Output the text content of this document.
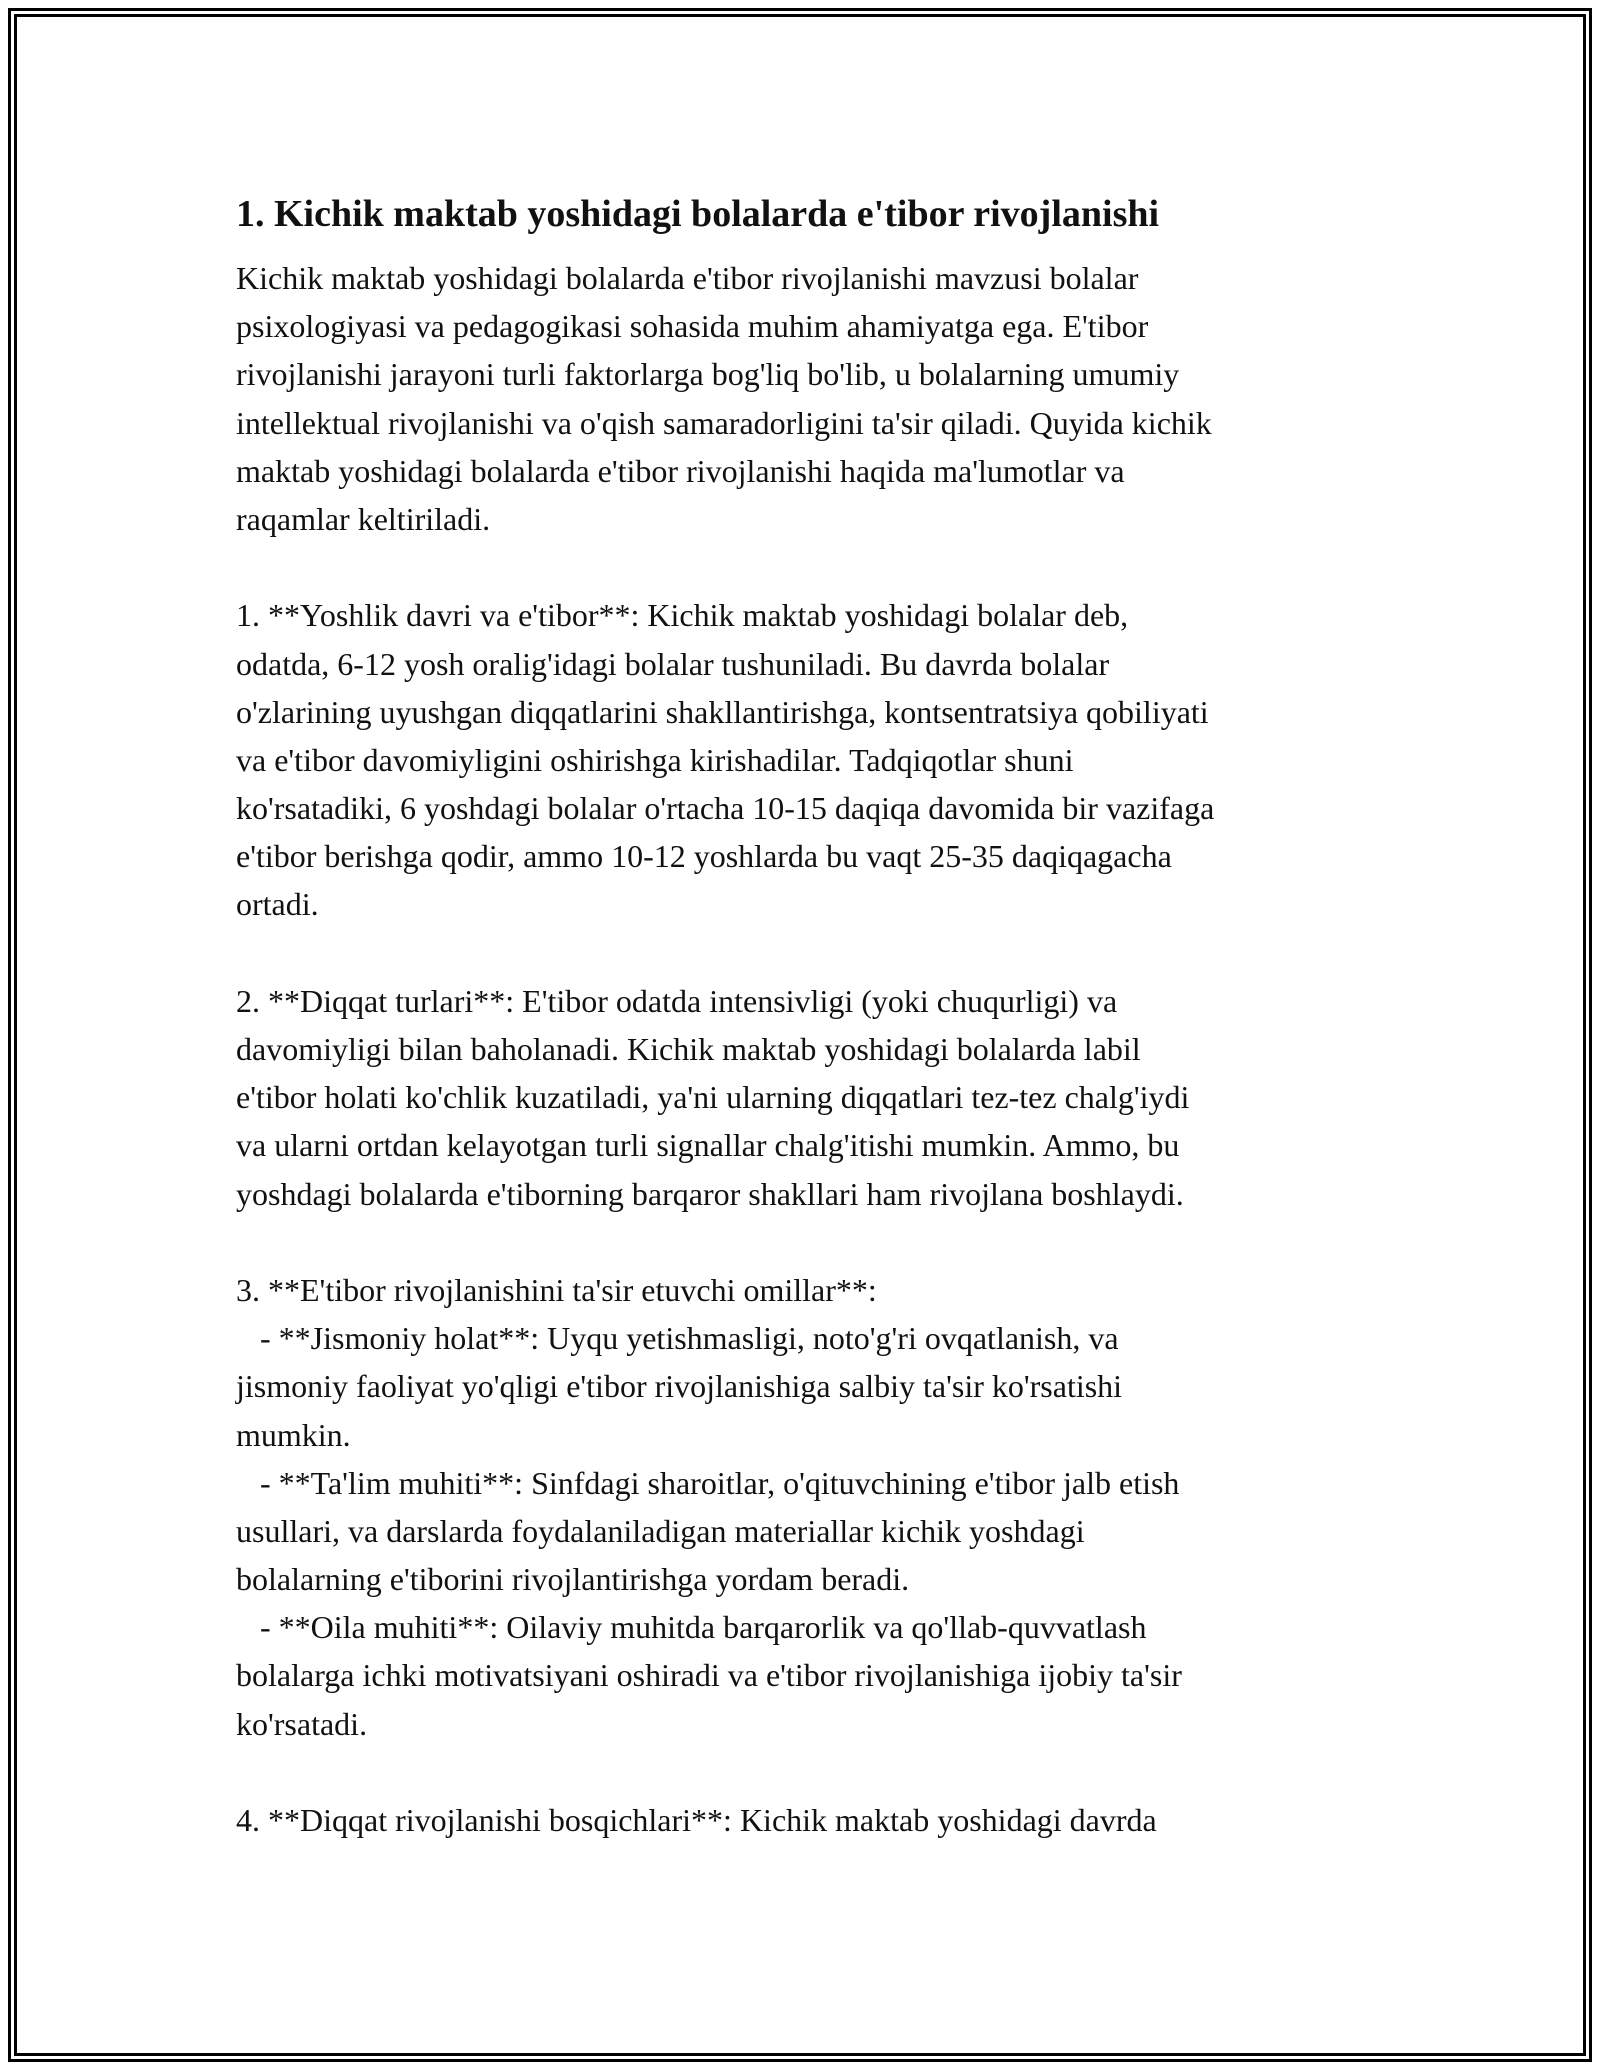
1. Kichik maktab yoshidagi bolalarda e'tibor rivojlanishi
Kichik maktab yoshidagi bolalarda e'tibor rivojlanishi mavzusi bolalar
psixologiyasi va pedagogikasi sohasida muhim ahamiyatga ega. E'tibor
rivojlanishi jarayoni turli faktorlarga bog'liq bo'lib, u bolalarning umumiy
intellektual rivojlanishi va o'qish samaradorligini ta'sir qiladi. Quyida kichik
maktab yoshidagi bolalarda e'tibor rivojlanishi haqida ma'lumotlar va
raqamlar keltiriladi.
1. **Yoshlik davri va e'tibor**: Kichik maktab yoshidagi bolalar deb,
odatda, 6-12 yosh oralig'idagi bolalar tushuniladi. Bu davrda bolalar
o'zlarining uyushgan diqqatlarini shakllantirishga, kontsentratsiya qobiliyati
va e'tibor davomiyligini oshirishga kirishadilar. Tadqiqotlar shuni
ko'rsatadiki, 6 yoshdagi bolalar o'rtacha 10-15 daqiqa davomida bir vazifaga
e'tibor berishga qodir, ammo 10-12 yoshlarda bu vaqt 25-35 daqiqagacha
ortadi.
2. **Diqqat turlari**: E'tibor odatda intensivligi (yoki chuqurligi) va
davomiyligi bilan baholanadi. Kichik maktab yoshidagi bolalarda labil
e'tibor holati ko'chlik kuzatiladi, ya'ni ularning diqqatlari tez-tez chalg'iydi
va ularni ortdan kelayotgan turli signallar chalg'itishi mumkin. Ammo, bu
yoshdagi bolalarda e'tiborning barqaror shakllari ham rivojlana boshlaydi.
3. **E'tibor rivojlanishini ta'sir etuvchi omillar**:
- **Jismoniy holat**: Uyqu yetishmasligi, noto'g'ri ovqatlanish, va
jismoniy faoliyat yo'qligi e'tibor rivojlanishiga salbiy ta'sir ko'rsatishi
mumkin.
- **Ta'lim muhiti**: Sinfdagi sharoitlar, o'qituvchining e'tibor jalb etish
usullari, va darslarda foydalaniladigan materiallar kichik yoshdagi
bolalarning e'tiborini rivojlantirishga yordam beradi.
- **Oila muhiti**: Oilaviy muhitda barqarorlik va qo'llab-quvvatlash
bolalarga ichki motivatsiyani oshiradi va e'tibor rivojlanishiga ijobiy ta'sir
ko'rsatadi.
4. **Diqqat rivojlanishi bosqichlari**: Kichik maktab yoshidagi davrda
